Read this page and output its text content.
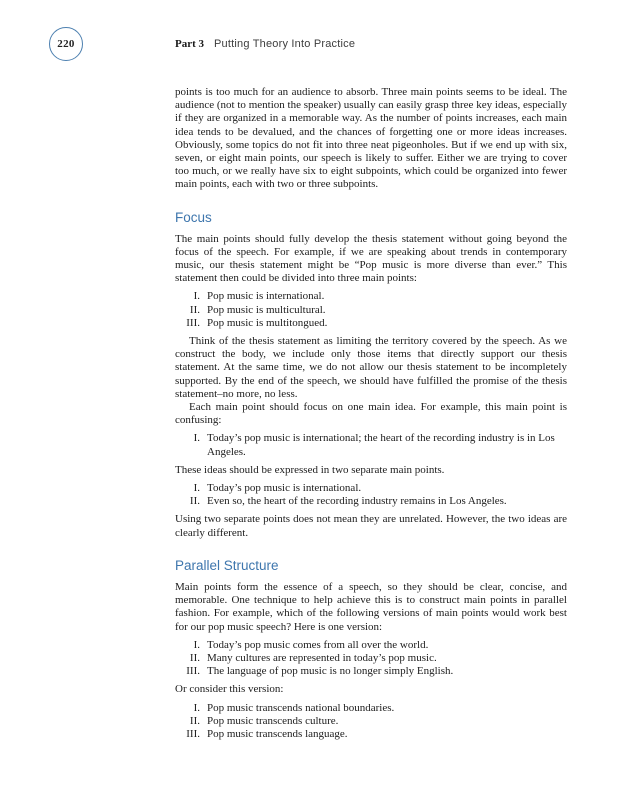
220	Part 3 Putting Theory Into Practice

points is too much for an audience to absorb. Three main points seems to be ideal. The audience (not to mention the speaker) usually can easily grasp three key ideas, especially if they are organized in a memorable way. As the number of points increases, each main idea tends to be devalued, and the chances of forgetting one or more ideas increases. Obviously, some topics do not fit into three neat pigeonholes. But if we end up with six, seven, or eight main points, our speech is likely to suffer. Either we are trying to cover too much, or we really have six to eight subpoints, which could be organized into fewer main points, each with two or three subpoints.

Focus

The main points should fully develop the thesis statement without going beyond the focus of the speech. For example, if we are speaking about trends in contemporary music, our thesis statement might be “Pop music is more diverse than ever.” This statement then could be divided into three main points:

I. Pop music is international.
II. Pop music is multicultural.
III. Pop music is multitongued.

Think of the thesis statement as limiting the territory covered by the speech. As we construct the body, we include only those items that directly support our thesis statement. At the same time, we do not allow our thesis statement to be incompletely supported. By the end of the speech, we should have fulfilled the promise of the thesis statement–no more, no less.

Each main point should focus on one main idea. For example, this main point is confusing:

I. Today’s pop music is international; the heart of the recording industry is in Los Angeles.

These ideas should be expressed in two separate main points.

I. Today’s pop music is international.
II. Even so, the heart of the recording industry remains in Los Angeles.

Using two separate points does not mean they are unrelated. However, the two ideas are clearly different.

Parallel Structure

Main points form the essence of a speech, so they should be clear, concise, and memorable. One technique to help achieve this is to construct main points in parallel fashion. For example, which of the following versions of main points would work best for our pop music speech? Here is one version:

I. Today’s pop music comes from all over the world.
II. Many cultures are represented in today’s pop music.
III. The language of pop music is no longer simply English.

Or consider this version:

I. Pop music transcends national boundaries.
II. Pop music transcends culture.
III. Pop music transcends language.
